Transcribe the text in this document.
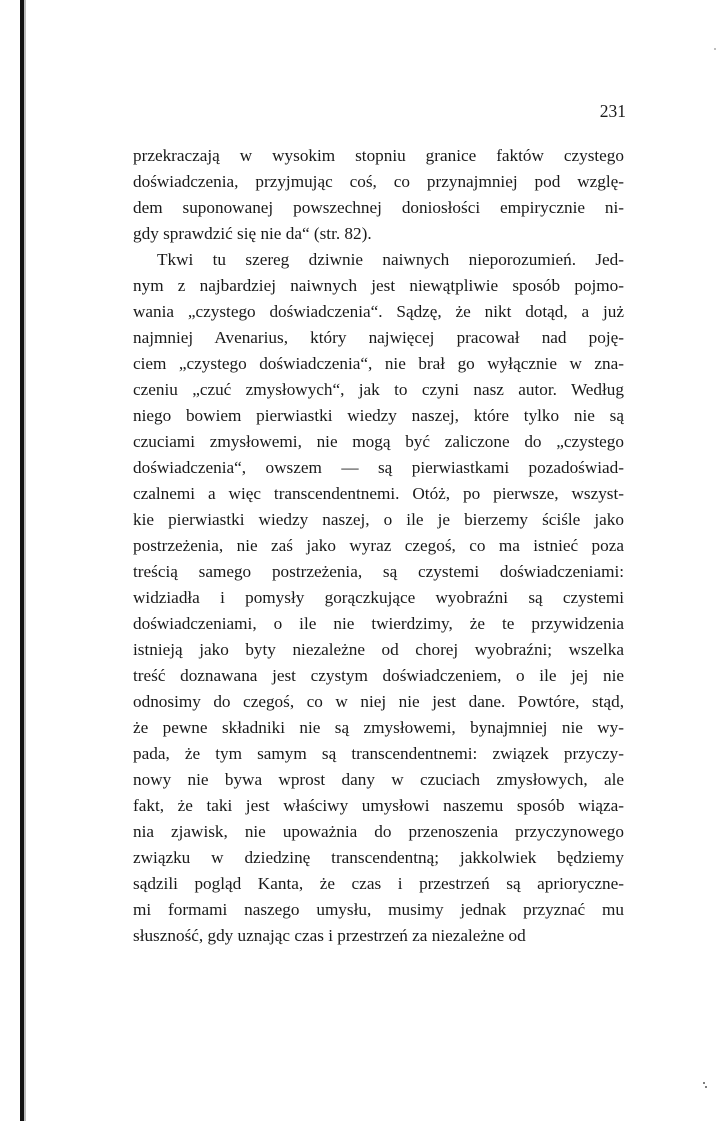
231
przekraczają w wysokim stopniu granice faktów czystego
doświadczenia, przyjmując coś, co przynajmniej pod wzglę-
dem suponowanej powszechnej doniosłości empirycznie ni-
gdy sprawdzić się nie da“ (str. 82).
Tkwi tu szereg dziwnie naiwnych nieporozumień. Jed-
nym z najbardziej naiwnych jest niewątpliwie sposób pojmo-
wania „czystego doświadczenia“. Sądzę, że nikt dotąd, a już
najmniej Avenarius, który najwięcej pracował nad poję-
ciem „czystego doświadczenia“, nie brał go wyłącznie w zna-
czeniu „czuć zmysłowych“, jak to czyni nasz autor. Według
niego bowiem pierwiastki wiedzy naszej, które tylko nie są
czuciami zmysłowemi, nie mogą być zaliczone do „czystego
doświadczenia“, owszem — są pierwiastkami pozadoświad-
czalnemi a więc transcendentnemi. Otóż, po pierwsze, wszyst-
kie pierwiastki wiedzy naszej, o ile je bierzemy ściśle jako
postrzeżenia, nie zaś jako wyraz czegoś, co ma istnieć poza
treścią samego postrzeżenia, są czystemi doświadczeniami:
widziadła i pomysły gorączkujące wyobraźni są czystemi
doświadczeniami, o ile nie twierdzimy, że te przywidzenia
istnieją jako byty niezależne od chorej wyobraźni; wszelka
treść doznawana jest czystym doświadczeniem, o ile jej nie
odnosimy do czegoś, co w niej nie jest dane. Powtóre, stąd,
że pewne składniki nie są zmysłowemi, bynajmniej nie wy-
pada, że tym samym są transcendentnemi: związek przyczy-
nowy nie bywa wprost dany w czuciach zmysłowych, ale
fakt, że taki jest właściwy umysłowi naszemu sposób wiąza-
nia zjawisk, nie upoważnia do przenoszenia przyczynowego
związku w dziedzinę transcendentną; jakkolwiek będziemy
sądzili pogląd Kanta, że czas i przestrzeń są aprioryczne-
mi formami naszego umysłu, musimy jednak przyznać mu
słuszność, gdy uznając czas i przestrzeń za niezależne od
